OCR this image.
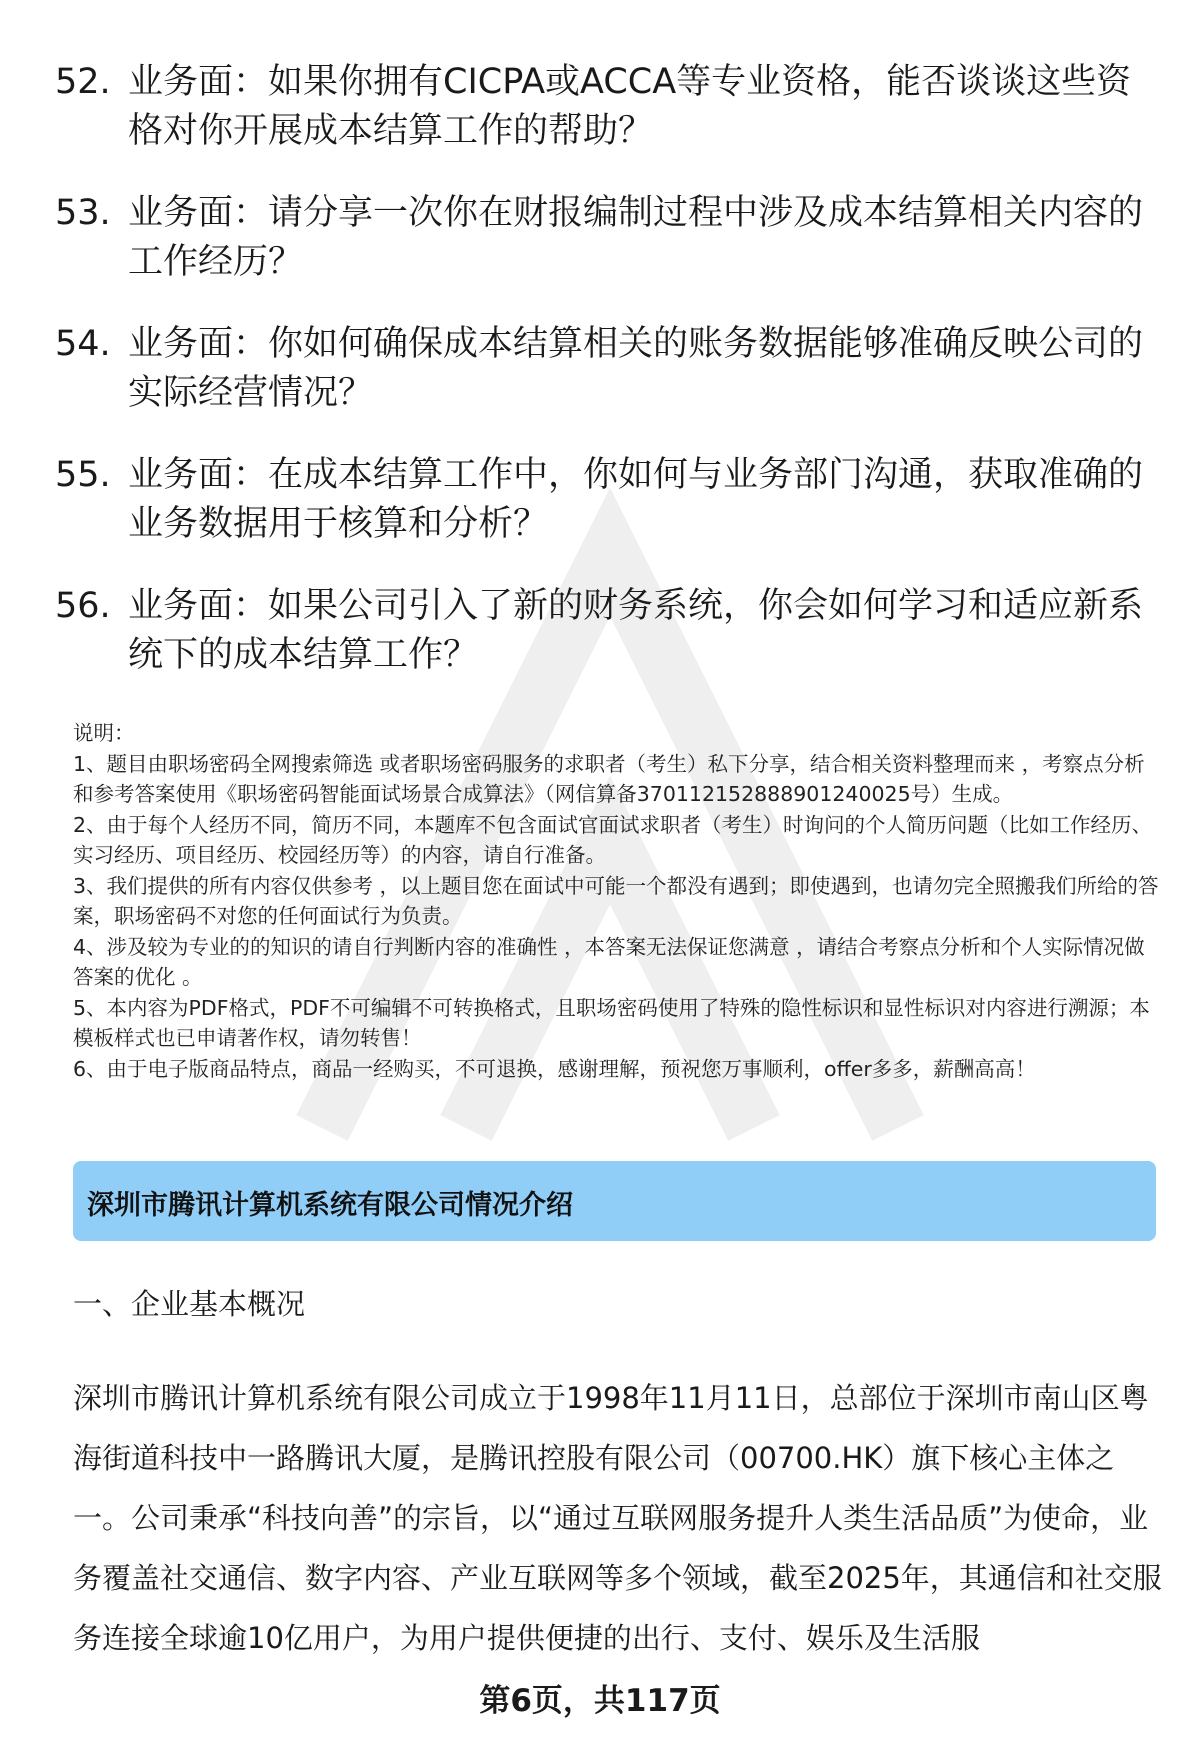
52. 业务面：如果你拥有CICPA或ACCA等专业资格，能否谈谈这些资格对你开展成本结算工作的帮助？
53. 业务面：请分享一次你在财报编制过程中涉及成本结算相关内容的工作经历？
54. 业务面：你如何确保成本结算相关的账务数据能够准确反映公司的实际经营情况？
55. 业务面：在成本结算工作中，你如何与业务部门沟通，获取准确的业务数据用于核算和分析？
56. 业务面：如果公司引入了新的财务系统，你会如何学习和适应新系统下的成本结算工作？
说明：
1、题目由职场密码全网搜索筛选 或者职场密码服务的求职者（考生）私下分享，结合相关资料整理而来 ，考察点分析和参考答案使用《职场密码智能面试场景合成算法》（网信算备370112152888901240025号）生成。
2、由于每个人经历不同，简历不同，本题库不包含面试官面试求职者（考生）时询问的个人简历问题（比如工作经历、实习经历、项目经历、校园经历等）的内容，请自行准备。
3、我们提供的所有内容仅供参考 ，以上题目您在面试中可能一个都没有遇到；即使遇到，也请勿完全照搬我们所给的答案，职场密码不对您的任何面试行为负责。
4、涉及较为专业的的知识的请自行判断内容的准确性 ，本答案无法保证您满意 ，请结合考察点分析和个人实际情况做答案的优化 。
5、本内容为PDF格式，PDF不可编辑不可转换格式，且职场密码使用了特殊的隐性标识和显性标识对内容进行溯源；本模板样式也已申请著作权，请勿转售！
6、由于电子版商品特点，商品一经购买，不可退换，感谢理解，预祝您万事顺利，offer多多，薪酬高高！
深圳市腾讯计算机系统有限公司情况介绍
一、企业基本概况
深圳市腾讯计算机系统有限公司成立于1998年11月11日，总部位于深圳市南山区粤海街道科技中一路腾讯大厦，是腾讯控股有限公司（00700.HK）旗下核心主体之一。公司秉承“科技向善”的宗旨，以“通过互联网服务提升人类生活品质”为使命，业务覆盖社交通信、数字内容、产业互联网等多个领域，截至2025年，其通信和社交服务连接全球逾10亿用户，为用户提供便捷的出行、支付、娱乐及生活服
第6页，共117页
